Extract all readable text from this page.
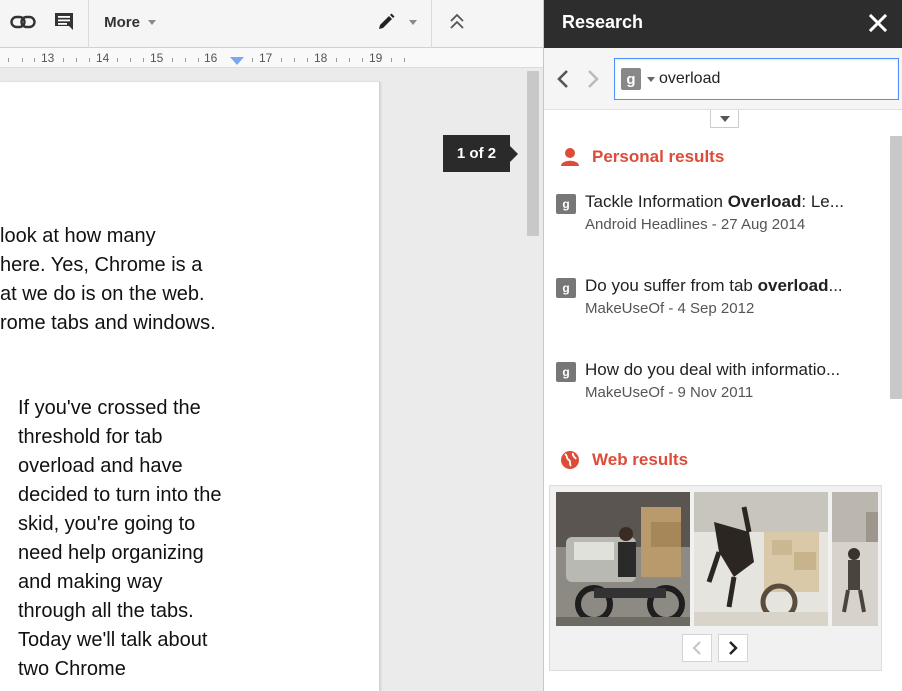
More
13	14	15	16	17	18	19
look at how many
here. Yes, Chrome is a
at we do is on the web.
rome tabs and windows.
If you've crossed the
threshold for tab
overload and have
decided to turn into the
skid, you're going to
need help organizing
and making way
through all the tabs.
Today we'll talk about
two Chrome
1 of 2
Research
g
overload
Personal results
g Tackle Information Overload: Le...
Android Headlines - 27 Aug 2014
g Do you suffer from tab overload...
MakeUseOf - 4 Sep 2012
g How do you deal with informatio...
MakeUseOf - 9 Nov 2011
Web results
